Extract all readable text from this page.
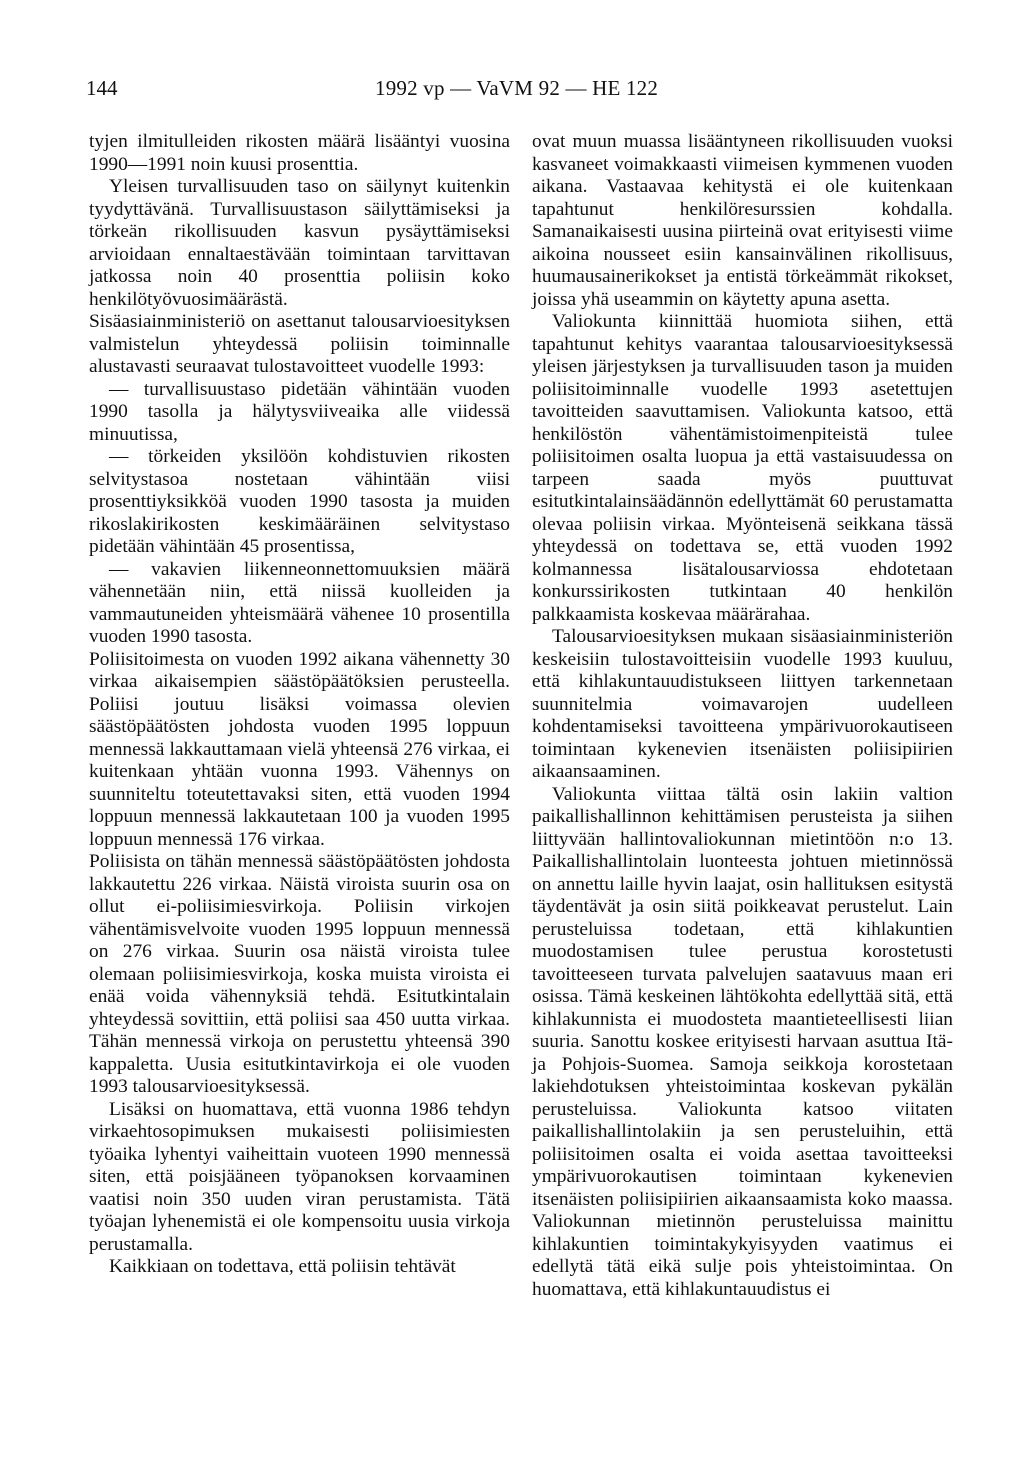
144	1992 vp — VaVM 92 — HE 122

tyjen ilmitulleiden rikosten määrä lisääntyi vuosina 1990—1991 noin kuusi prosenttia.

Yleisen turvallisuuden taso on säilynyt kuitenkin tyydyttävänä. Turvallisuustason säilyttämiseksi ja törkeän rikollisuuden kasvun pysäyttämiseksi arvioidaan ennaltaestävään toimintaan tarvittavan jatkossa noin 40 prosenttia poliisin koko henkilötyövuosimäärästä.

Sisäasiainministeriö on asettanut talousarvioesityksen valmistelun yhteydessä poliisin toiminnalle alustavasti seuraavat tulostavoitteet vuodelle 1993:

— turvallisuustaso pidetään vähintään vuoden 1990 tasolla ja hälytysviiveaika alle viidessä minuutissa,

— törkeiden yksilöön kohdistuvien rikosten selvitystasoa nostetaan vähintään viisi prosenttiyksikköä vuoden 1990 tasosta ja muiden rikoslakirikosten keskimääräinen selvitystaso pidetään vähintään 45 prosentissa,

— vakavien liikenneonnettomuuksien määrä vähennetään niin, että niissä kuolleiden ja vammautuneiden yhteismäärä vähenee 10 prosentilla vuoden 1990 tasosta.

Poliisitoimesta on vuoden 1992 aikana vähennetty 30 virkaa aikaisempien säästöpäätöksien perusteella. Poliisi joutuu lisäksi voimassa olevien säästöpäätösten johdosta vuoden 1995 loppuun mennessä lakkauttamaan vielä yhteensä 276 virkaa, ei kuitenkaan yhtään vuonna 1993. Vähennys on suunniteltu toteutettavaksi siten, että vuoden 1994 loppuun mennessä lakkautetaan 100 ja vuoden 1995 loppuun mennessä 176 virkaa.

Poliisista on tähän mennessä säästöpäätösten johdosta lakkautettu 226 virkaa. Näistä viroista suurin osa on ollut ei-poliisimiesvirkoja. Poliisin virkojen vähentämisvelvoite vuoden 1995 loppuun mennessä on 276 virkaa. Suurin osa näistä viroista tulee olemaan poliisimiesvirkoja, koska muista viroista ei enää voida vähennyksiä tehdä. Esitutkintalain yhteydessä sovittiin, että poliisi saa 450 uutta virkaa. Tähän mennessä virkoja on perustettu yhteensä 390 kappaletta. Uusia esitutkintavirkoja ei ole vuoden 1993 talousarvioesityksessä.

Lisäksi on huomattava, että vuonna 1986 tehdyn virkaehtosopimuksen mukaisesti poliisimiesten työaika lyhentyi vaiheittain vuoteen 1990 mennessä siten, että poisjääneen työpanoksen korvaaminen vaatisi noin 350 uuden viran perustamista. Tätä työajan lyhenemistä ei ole kompensoitu uusia virkoja perustamalla.

Kaikkiaan on todettava, että poliisin tehtävät

ovat muun muassa lisääntyneen rikollisuuden vuoksi kasvaneet voimakkaasti viimeisen kymmenen vuoden aikana. Vastaavaa kehitystä ei ole kuitenkaan tapahtunut henkilöresurssien kohdalla. Samanaikaisesti uusina piirteinä ovat erityisesti viime aikoina nousseet esiin kansainvälinen rikollisuus, huumausainerikokset ja entistä törkeämmät rikokset, joissa yhä useammin on käytetty apuna asetta.

Valiokunta kiinnittää huomiota siihen, että tapahtunut kehitys vaarantaa talousarvioesityksessä yleisen järjestyksen ja turvallisuuden tason ja muiden poliisitoiminnalle vuodelle 1993 asetettujen tavoitteiden saavuttamisen. Valiokunta katsoo, että henkilöstön vähentämistoimenpiteistä tulee poliisitoimen osalta luopua ja että vastaisuudessa on tarpeen saada myös puuttuvat esitutkintalainsäädännön edellyttämät 60 perustamatta olevaa poliisin virkaa. Myönteisenä seikkana tässä yhteydessä on todettava se, että vuoden 1992 kolmannessa lisätalousarviossa ehdotetaan konkurssirikosten tutkintaan 40 henkilön palkkaamista koskevaa määrärahaa.

Talousarvioesityksen mukaan sisäasiainministeriön keskeisiin tulostavoitteisiin vuodelle 1993 kuuluu, että kihlakuntauudistukseen liittyen tarkennetaan suunnitelmia voimavarojen uudelleen kohdentamiseksi tavoitteena ympärivuorokautiseen toimintaan kykenevien itsenäisten poliisipiirien aikaansaaminen.

Valiokunta viittaa tältä osin lakiin valtion paikallishallinnon kehittämisen perusteista ja siihen liittyvään hallintovaliokunnan mietintöön n:o 13. Paikallishallintolain luonteesta johtuen mietinnössä on annettu laille hyvin laajat, osin hallituksen esitystä täydentävät ja osin siitä poikkeavat perustelut. Lain perusteluissa todetaan, että kihlakuntien muodostamisen tulee perustua korostetusti tavoitteeseen turvata palvelujen saatavuus maan eri osissa. Tämä keskeinen lähtökohta edellyttää sitä, että kihlakunnista ei muodosteta maantieteellisesti liian suuria. Sanottu koskee erityisesti harvaan asuttua Itä- ja Pohjois-Suomea. Samoja seikkoja korostetaan lakiehdotuksen yhteistoimintaa koskevan pykälän perusteluissa. Valiokunta katsoo viitaten paikallishallintolakiin ja sen perusteluihin, että poliisitoimen osalta ei voida asettaa tavoitteeksi ympärivuorokautisen toimintaan kykenevien itsenäisten poliisipiirien aikaansaamista koko maassa. Valiokunnan mietinnön perusteluissa mainittu kihlakuntien toimintakykyisyyden vaatimus ei edellytä tätä eikä sulje pois yhteistoimintaa. On huomattava, että kihlakuntauudistus ei
